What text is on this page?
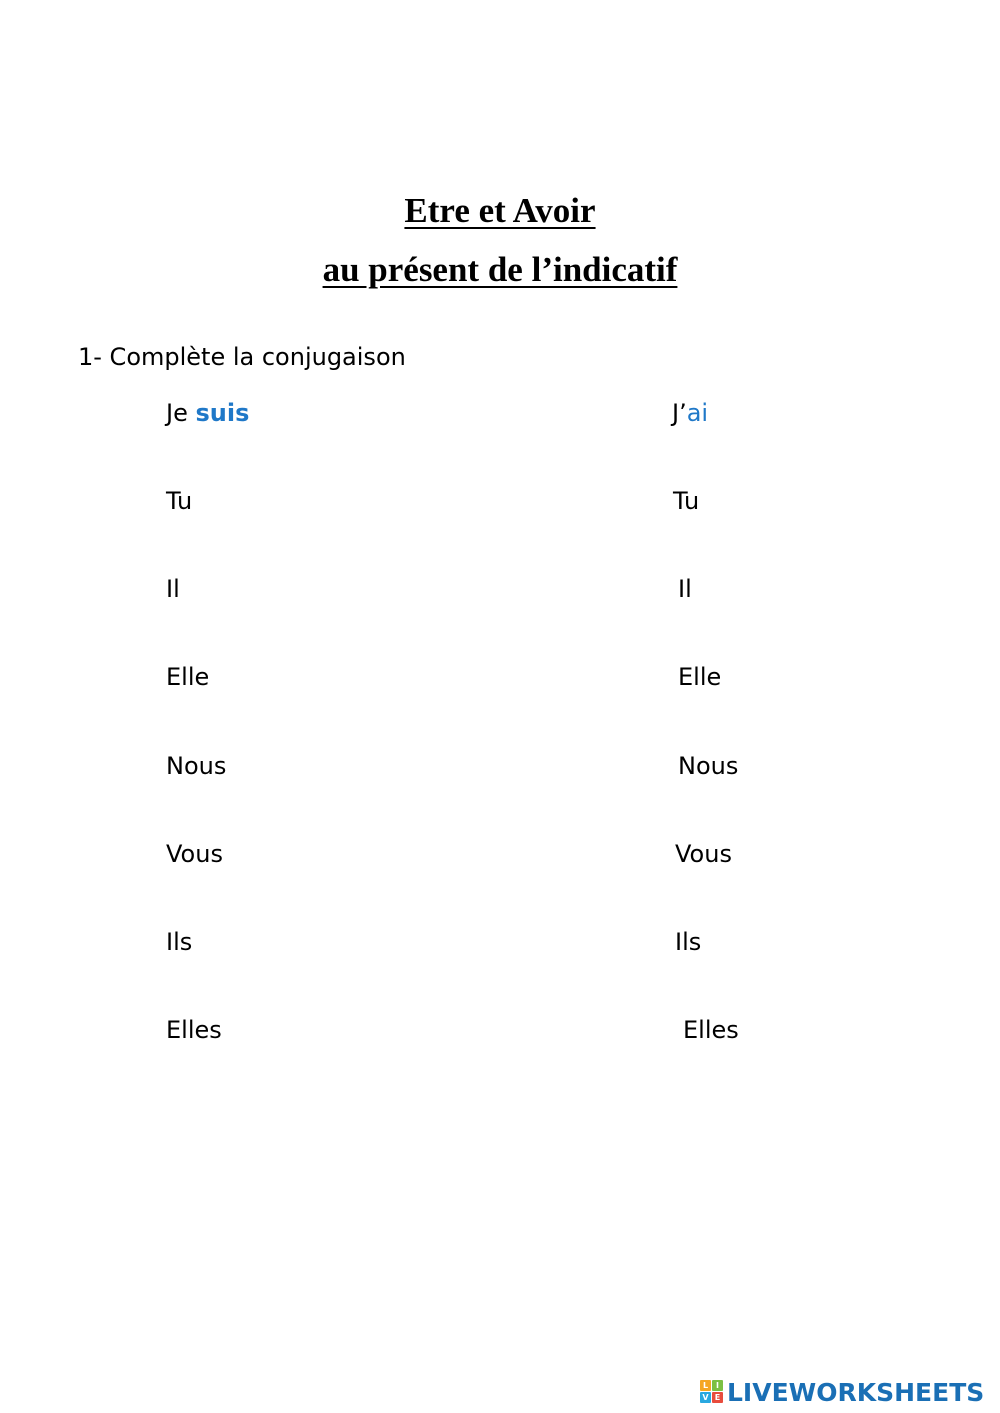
Etre et Avoir
au présent de l’indicatif
1- Complète la conjugaison
Je suis
Tu
Il
Elle
Nous
Vous
Ils
Elles
J’ai
Tu
Il
Elle
Nous
Vous
Ils
Elles
L I
V E LIVEWORKSHEETS
